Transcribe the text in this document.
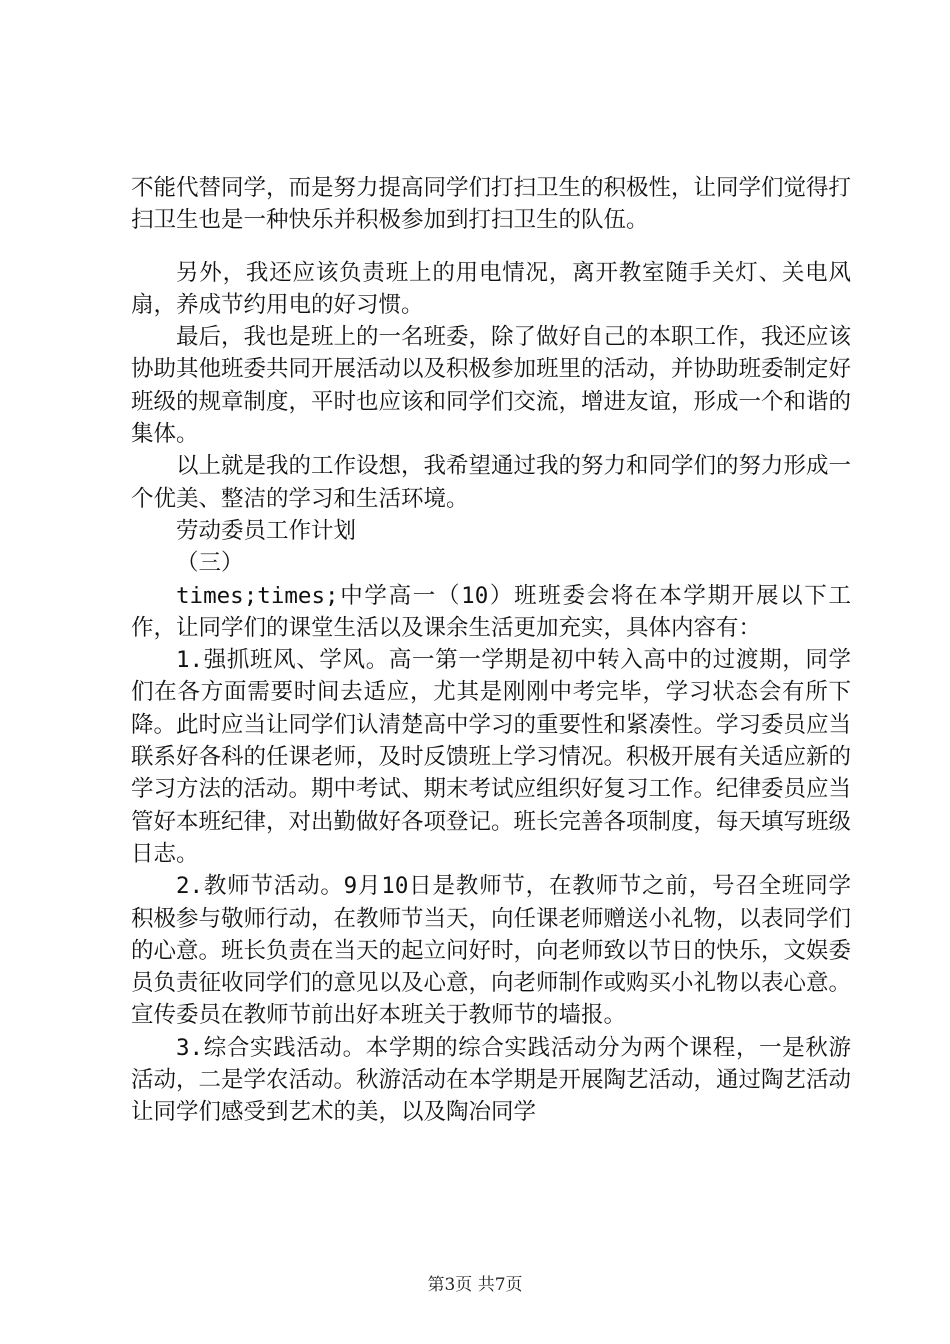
不能代替同学，而是努力提高同学们打扫卫生的积极性，让同学们觉得打扫卫生也是一种快乐并积极参加到打扫卫生的队伍。

另外，我还应该负责班上的用电情况，离开教室随手关灯、关电风扇，养成节约用电的好习惯。

最后，我也是班上的一名班委，除了做好自己的本职工作，我还应该协助其他班委共同开展活动以及积极参加班里的活动，并协助班委制定好班级的规章制度，平时也应该和同学们交流，增进友谊，形成一个和谐的集体。

以上就是我的工作设想，我希望通过我的努力和同学们的努力形成一个优美、整洁的学习和生活环境。

劳动委员工作计划

（三）

times;times;中学高一（10）班班委会将在本学期开展以下工作，让同学们的课堂生活以及课余生活更加充实，具体内容有：

1.强抓班风、学风。高一第一学期是初中转入高中的过渡期，同学们在各方面需要时间去适应，尤其是刚刚中考完毕，学习状态会有所下降。此时应当让同学们认清楚高中学习的重要性和紧凑性。学习委员应当联系好各科的任课老师，及时反馈班上学习情况。积极开展有关适应新的学习方法的活动。期中考试、期末考试应组织好复习工作。纪律委员应当管好本班纪律，对出勤做好各项登记。班长完善各项制度，每天填写班级日志。

2.教师节活动。9月10日是教师节，在教师节之前，号召全班同学积极参与敬师行动，在教师节当天，向任课老师赠送小礼物，以表同学们的心意。班长负责在当天的起立问好时，向老师致以节日的快乐，文娱委员负责征收同学们的意见以及心意，向老师制作或购买小礼物以表心意。宣传委员在教师节前出好本班关于教师节的墙报。

3.综合实践活动。本学期的综合实践活动分为两个课程，一是秋游活动，二是学农活动。秋游活动在本学期是开展陶艺活动，通过陶艺活动让同学们感受到艺术的美，以及陶冶同学

第3页 共7页
